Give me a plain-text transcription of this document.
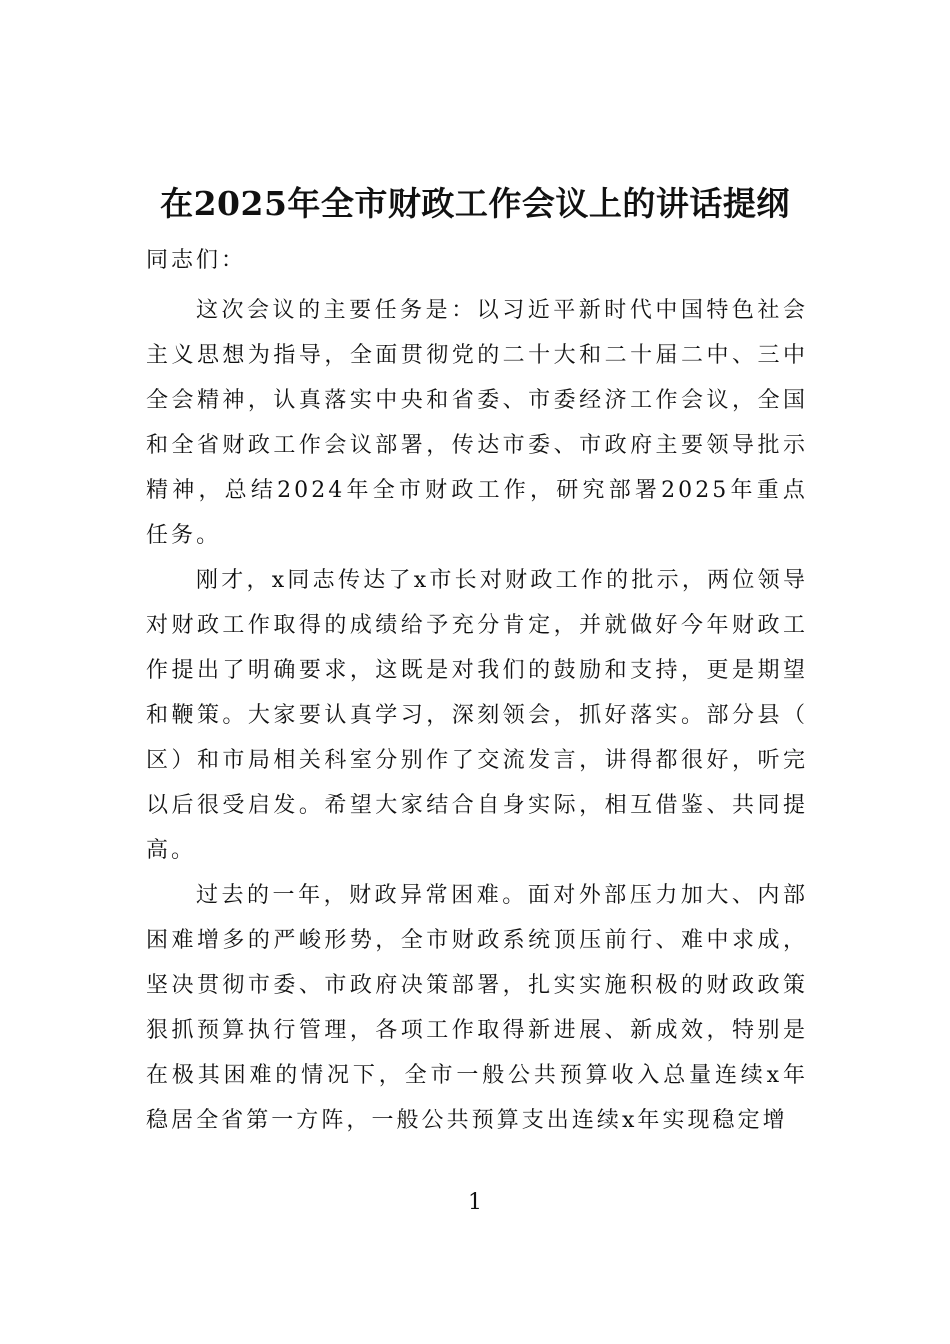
在2025年全市财政工作会议上的讲话提纲
同志们：

这次会议的主要任务是：以习近平新时代中国特色社会主义思想为指导，全面贯彻党的二十大和二十届二中、三中全会精神，认真落实中央和省委、市委经济工作会议，全国和全省财政工作会议部署，传达市委、市政府主要领导批示精神，总结2024年全市财政工作，研究部署2025年重点任务。

刚才，x同志传达了x市长对财政工作的批示，两位领导对财政工作取得的成绩给予充分肯定，并就做好今年财政工作提出了明确要求，这既是对我们的鼓励和支持，更是期望和鞭策。大家要认真学习，深刻领会，抓好落实。部分县（区）和市局相关科室分别作了交流发言，讲得都很好，听完以后很受启发。希望大家结合自身实际，相互借鉴、共同提高。

过去的一年，财政异常困难。面对外部压力加大、内部困难增多的严峻形势，全市财政系统顶压前行、难中求成，坚决贯彻市委、市政府决策部署，扎实实施积极的财政政策狠抓预算执行管理，各项工作取得新进展、新成效，特别是在极其困难的情况下，全市一般公共预算收入总量连续x年稳居全省第一方阵，一般公共预算支出连续x年实现稳定增

1
